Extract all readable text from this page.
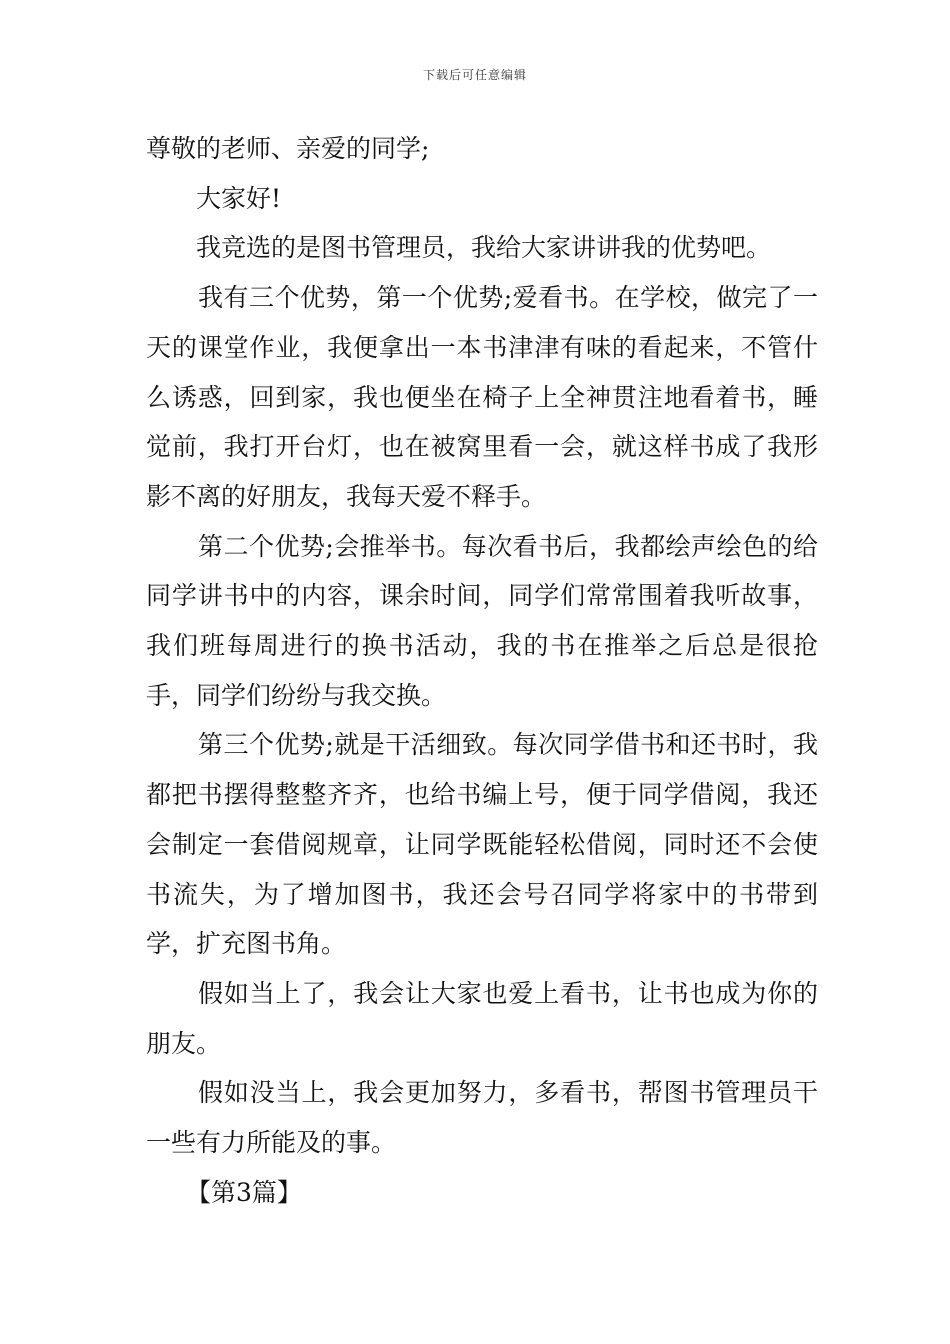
下载后可任意编辑

尊敬的老师、亲爱的同学;

大家好!

我竞选的是图书管理员，我给大家讲讲我的优势吧。

我有三个优势，第一个优势;爱看书。在学校，做完了一天的课堂作业，我便拿出一本书津津有味的看起来，不管什么诱惑，回到家，我也便坐在椅子上全神贯注地看着书，睡觉前，我打开台灯，也在被窝里看一会，就这样书成了我形影不离的好朋友，我每天爱不释手。

第二个优势;会推举书。每次看书后，我都绘声绘色的给同学讲书中的内容，课余时间，同学们常常围着我听故事，我们班每周进行的换书活动，我的书在推举之后总是很抢手，同学们纷纷与我交换。

第三个优势;就是干活细致。每次同学借书和还书时，我都把书摆得整整齐齐，也给书编上号，便于同学借阅，我还会制定一套借阅规章，让同学既能轻松借阅，同时还不会使书流失，为了增加图书，我还会号召同学将家中的书带到学，扩充图书角。

假如当上了，我会让大家也爱上看书，让书也成为你的朋友。

假如没当上，我会更加努力，多看书，帮图书管理员干一些有力所能及的事。

【第3篇】
